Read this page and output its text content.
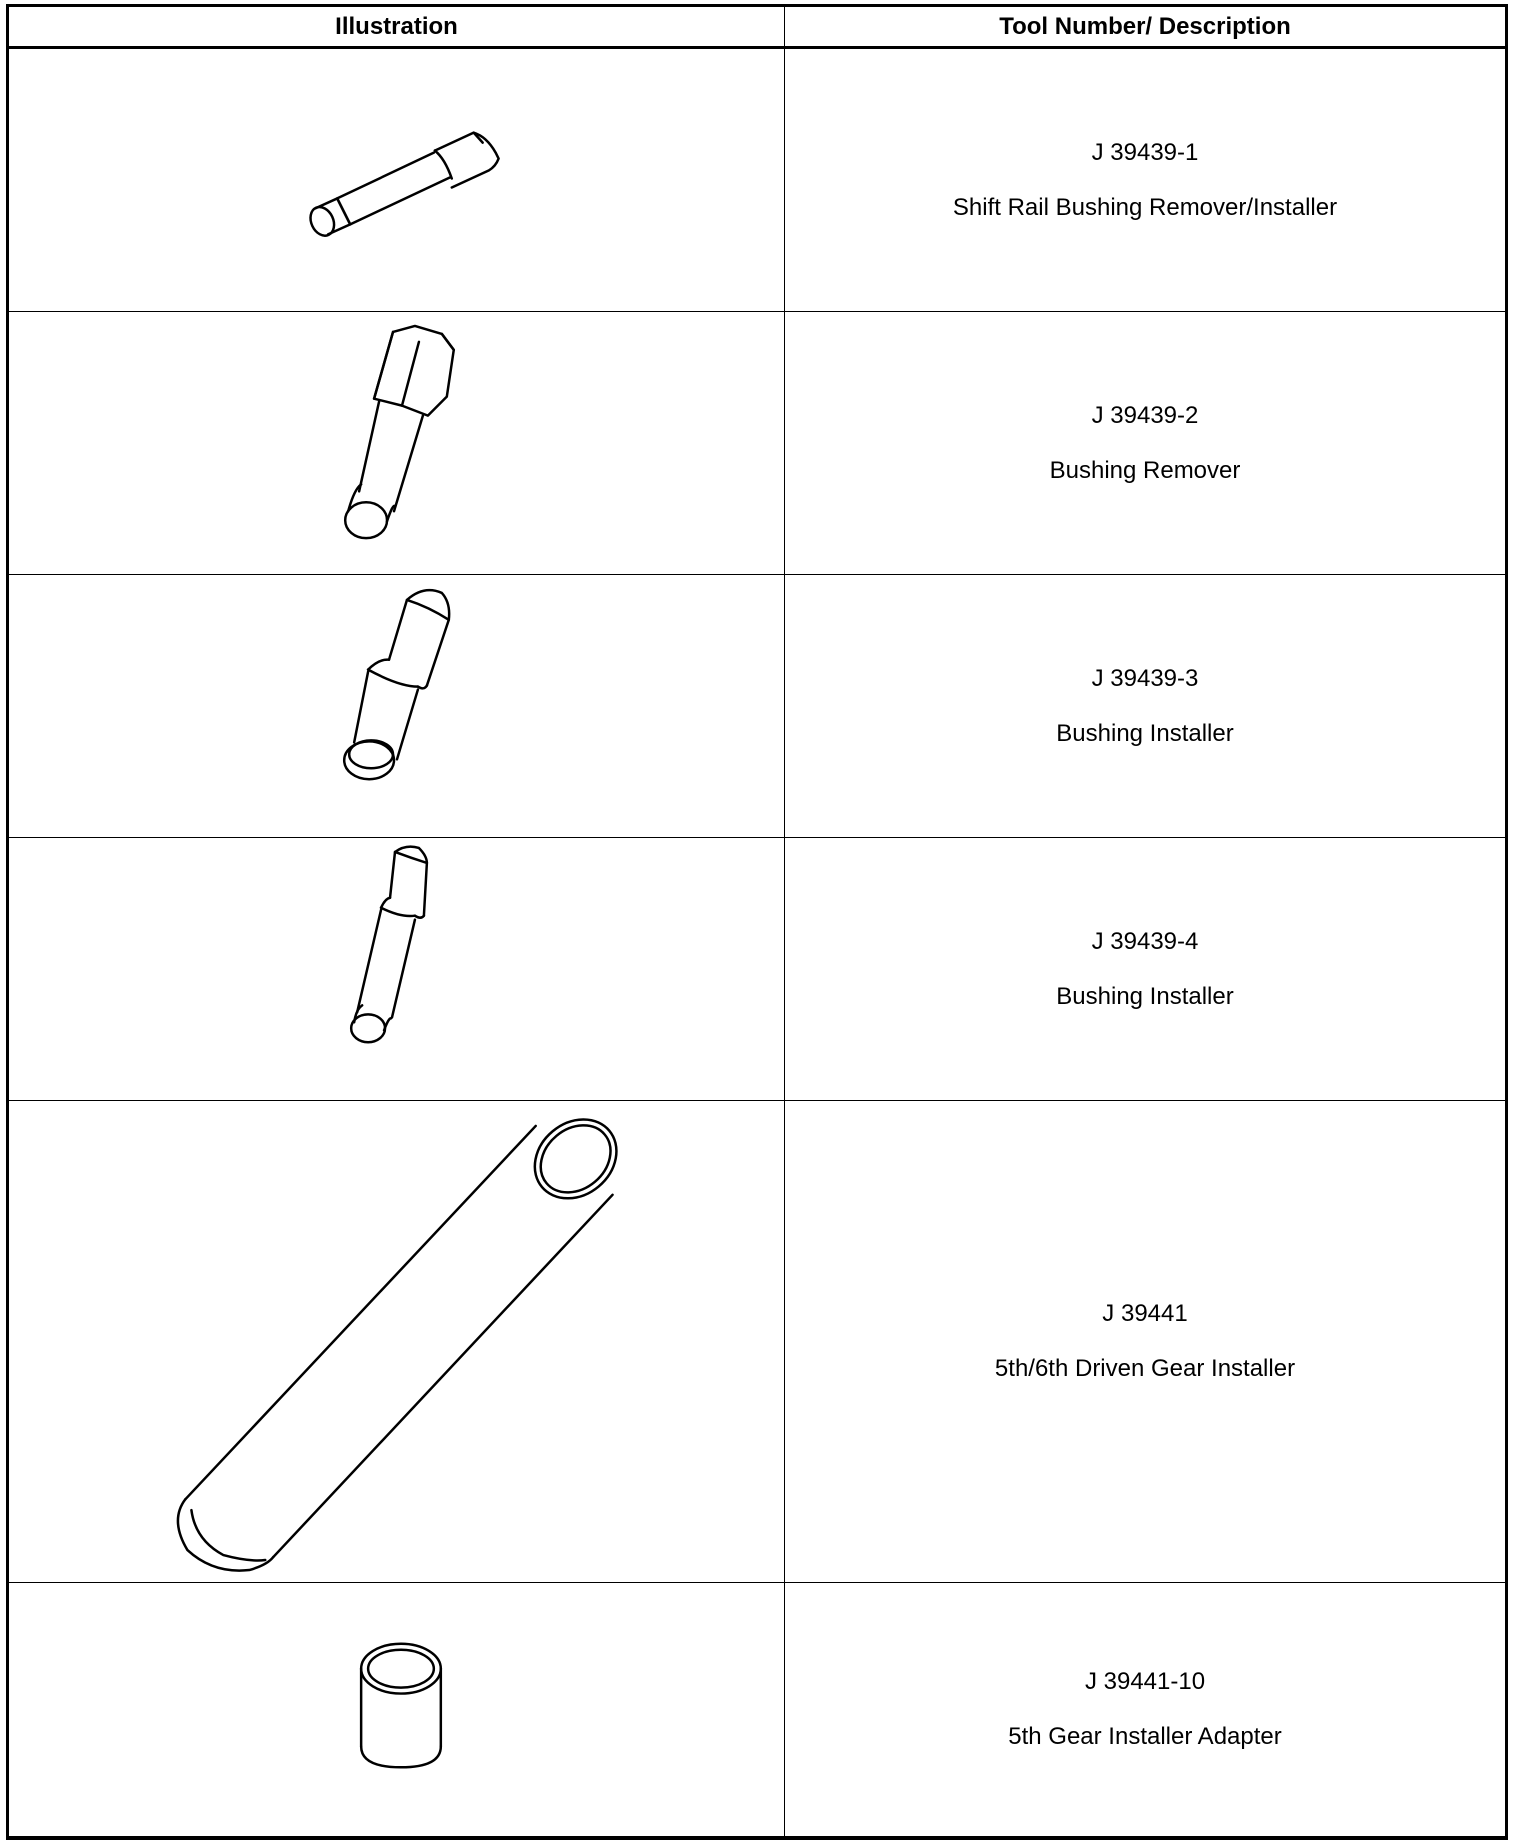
Illustration	Tool Number/ Description
J 39439-1
Shift Rail Bushing Remover/Installer
J 39439-2
Bushing Remover
J 39439-3
Bushing Installer
J 39439-4
Bushing Installer
J 39441
5th/6th Driven Gear Installer
J 39441-10
5th Gear Installer Adapter
